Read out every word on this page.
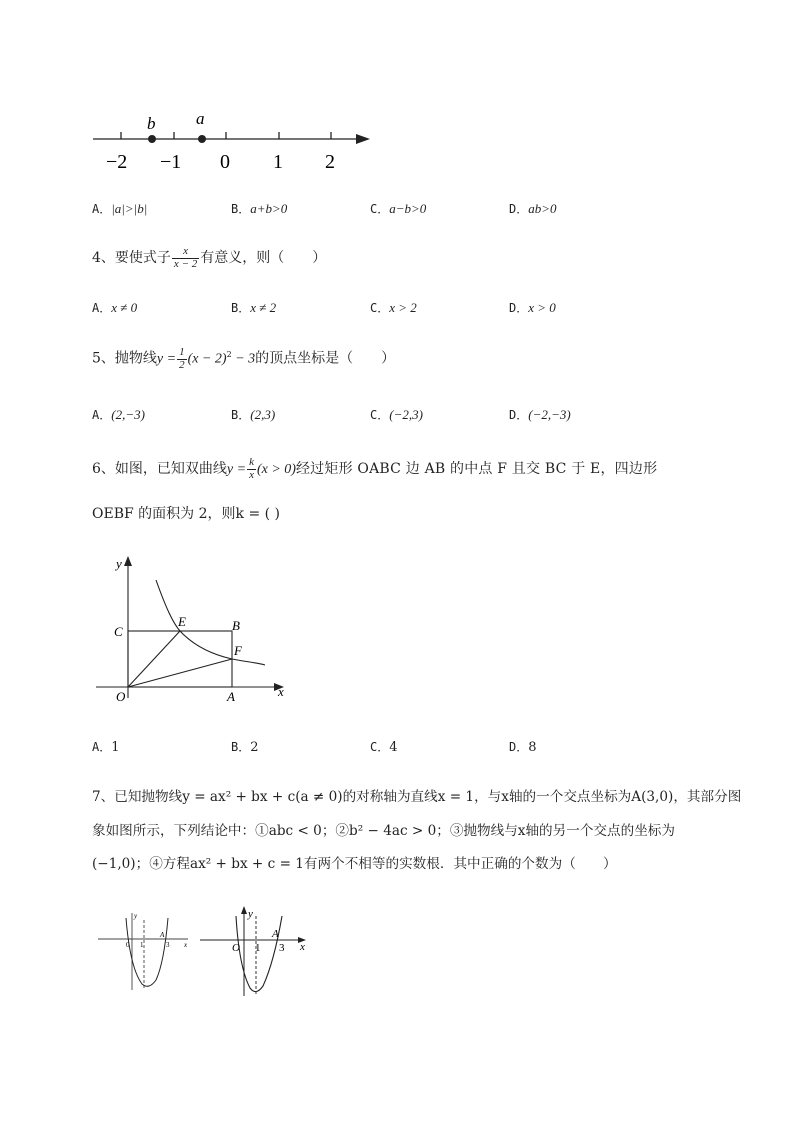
b a
−2 −1 0 1 2
A．|a|>|b|	B．a+b>0	C．a−b>0	D．ab>0
4、要使式子 $\frac{x}{x - 2}$ 有意义，则（　　）
A．x ≠ 0	B．x ≠ 2	C．x > 2	D．x > 0
5、抛物线$y = \frac{1}{2} (x - 2)^2 - 3$的顶点坐标是（　　）
A．(2,−3)	B．(2,3)	C．(−2,3)	D．(−2,−3)
6、如图，已知双曲线$y = \frac{k}{x} (x > 0)$经过矩形 OABC 边 AB 的中点 F 且交 BC 于 E，四边形
OEBF 的面积为 2，则k = ( )
y
x
C
E	B
F
O	A
A．1	B．2	C．4	D．8
7、已知抛物线y = ax² + bx + c(a ≠ 0)的对称轴为直线x = 1，与x轴的一个交点坐标为A(3,0)，其部分图
象如图所示，下列结论中：①abc < 0；②b² − 4ac > 0；③抛物线与x轴的另一个交点的坐标为
(−1,0)；④方程ax² + bx + c = 1有两个不相等的实数根．其中正确的个数为（　　）
0 1	3
A
y
x	O 1 3
A
y
x
